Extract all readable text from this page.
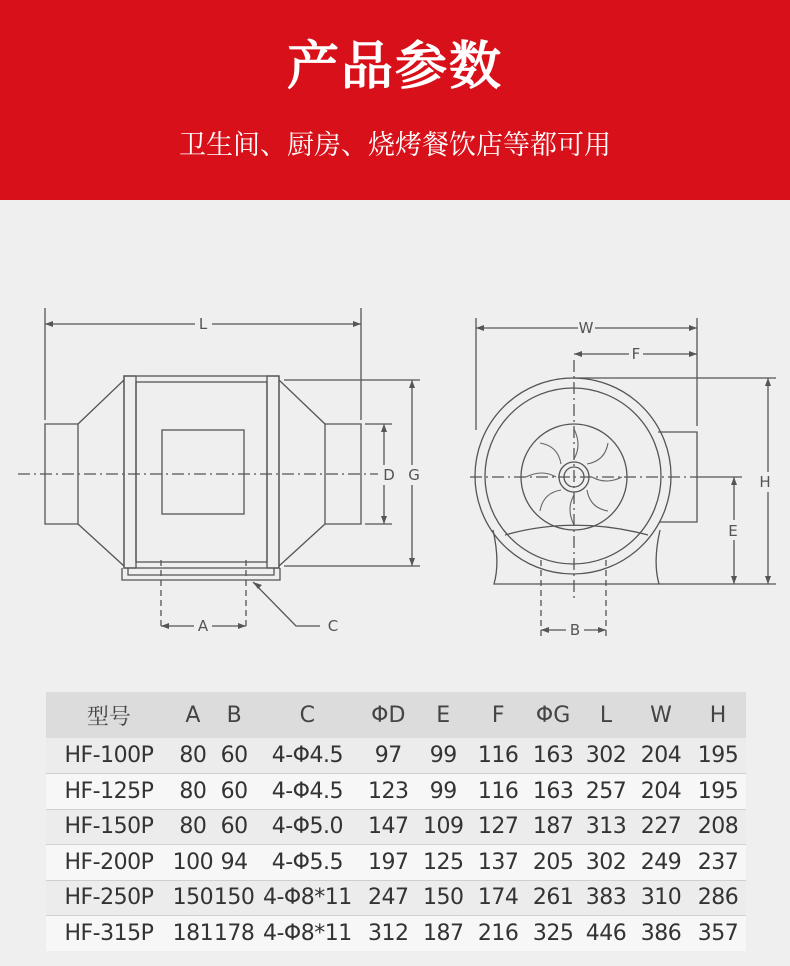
产品参数
卫生间、厨房、烧烤餐饮店等都可用
L
D G
A	C
W
F
H
E
B
型号	A	B	C	ΦD	E	F	ΦG	L	W	H
HF-100P	80	60	4-Φ4.5	97	99	116	163	302	204	195
HF-125P	80	60	4-Φ4.5	123	99	116	163	257	204	195
HF-150P	80	60	4-Φ5.0	147	109	127	187	313	227	208
HF-200P	100	94	4-Φ5.5	197	125	137	205	302	249	237
HF-250P	150	150	4-Φ8*11	247	150	174	261	383	310	286
HF-315P	181	178	4-Φ8*11	312	187	216	325	446	386	357
